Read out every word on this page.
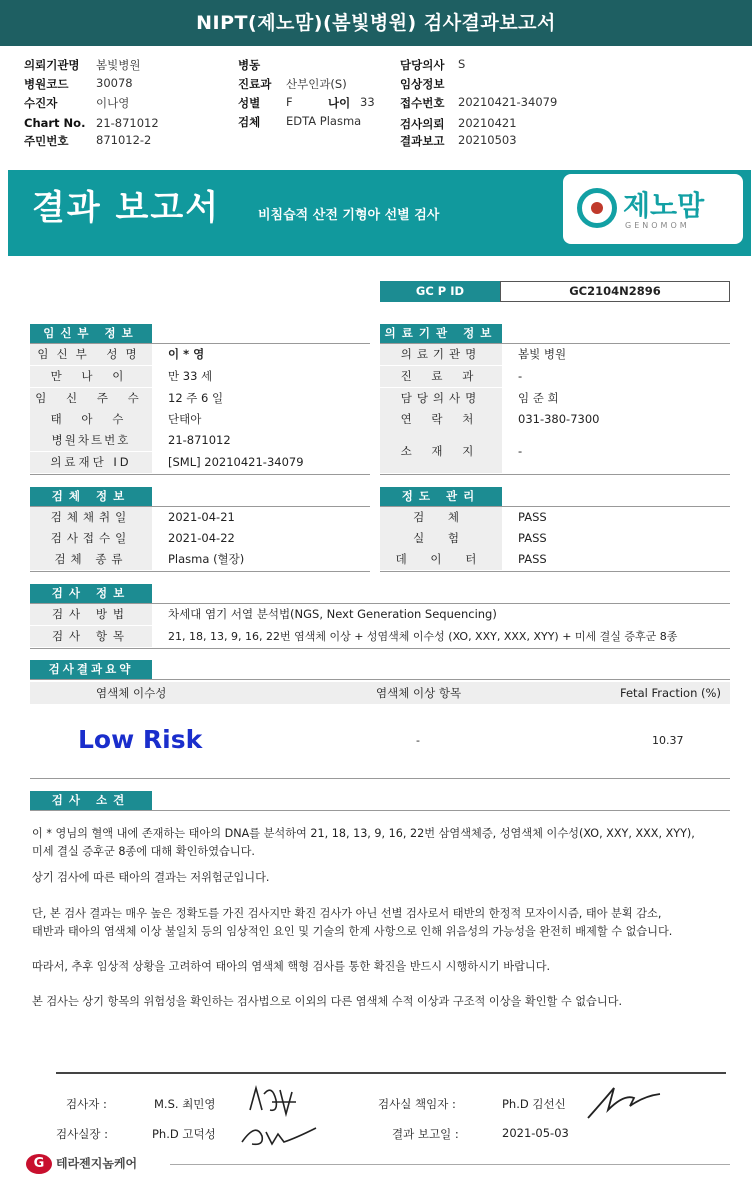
NIPT(제노맘)(봄빛병원) 검사결과보고서
의뢰기관명 봄빛병원	병동	담당의사 S
병원코드 30078	진료과 산부인과(S)	임상정보
수진자	이나영	성별 F	나이 33 접수번호 20210421-34079
Chart No. 21-871012	검체 EDTA Plasma	검사의뢰 20210421
주민번호 871012-2	결과보고 20210503
결과 보고서	비침습적 산전 기형아 선별 검사	제노맘
GENOMOM
GC P ID	GC2104N2896
임신부 정보	의료기관 정보
임신부 성명	이 * 영
만 나 이	만 33 세
임 신 주 수	12 주 6 일
태 아 수	단태아
병원차트번호	21-871012
의료재단 ID	[SML] 20210421-34079
의료기관명	봄빛 병원
진 료 과	-
담당의사명	임 준 희
연 락 처	031-380-7300
소 재 지	-
검체 정보
검체채취일	2021-04-21
검사접수일	2021-04-22
검체 종류	Plasma (혈장)
정도 관리
검 체	PASS
실 험	PASS
데 이 터	PASS
검사 정보
검사 방법	차세대 염기 서열 분석법(NGS, Next Generation Sequencing)
검사 항목	21, 18, 13, 9, 16, 22번 염색체 이상 + 성염색체 이수성 (XO, XXY, XXX, XYY) + 미세 결실 증후군 8종
검사결과요약
염색체 이수성	염색체 이상 항목	Fetal Fraction (%)
Low Risk	-	10.37
검사 소견
이 * 영님의 혈액 내에 존재하는 태아의 DNA를 분석하여 21, 18, 13, 9, 16, 22번 삼염색체증, 성염색체 이수성(XO, XXY, XXX, XYY),
미세 결실 증후군 8종에 대해 확인하였습니다.
상기 검사에 따른 태아의 결과는 저위험군입니다.
단, 본 검사 결과는 매우 높은 정확도를 가진 검사지만 확진 검사가 아닌 선별 검사로서 태반의 한정적 모자이시즘, 태아 분획 감소,
태반과 태아의 염색체 이상 불일치 등의 임상적인 요인 및 기술의 한계 사항으로 인해 위음성의 가능성을 완전히 배제할 수 없습니다.
따라서, 추후 임상적 상황을 고려하여 태아의 염색체 핵형 검사를 통한 확진을 반드시 시행하시기 바랍니다.
본 검사는 상기 항목의 위험성을 확인하는 검사법으로 이외의 다른 염색체 수적 이상과 구조적 이상을 확인할 수 없습니다.
검사자 :	M.S. 최민영
검사실장 :	Ph.D 고덕성
검사실 책임자 :	Ph.D 김선신
결과 보고일 :	2021-05-03
G 테라젠지놈케어
